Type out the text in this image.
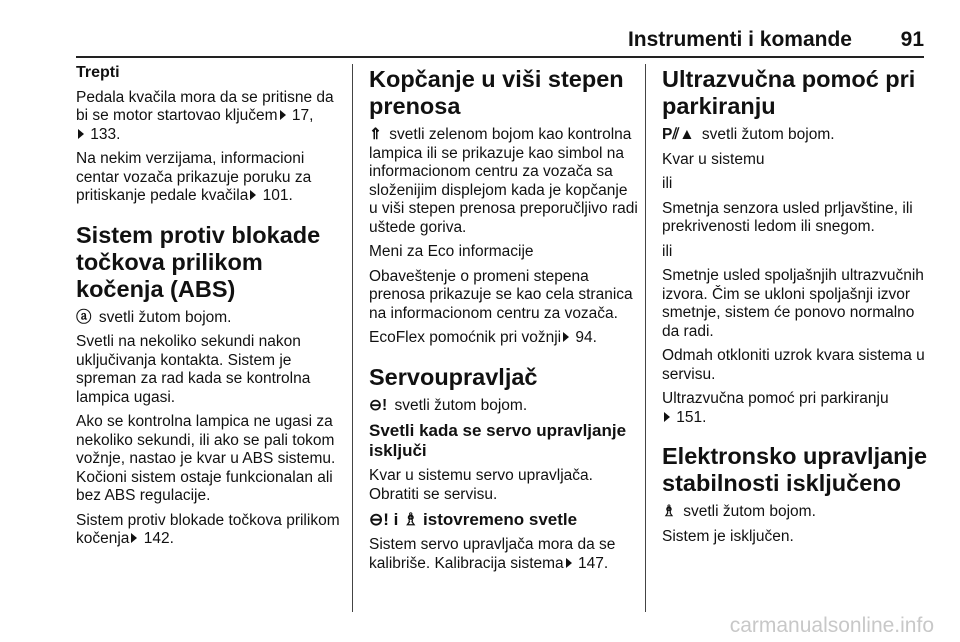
Instrumenti i komande 91
Trepti

Pedala kvačila mora da se pritisne da bi se motor startovao ključem 17,
133.

Na nekim verzijama, informacioni centar vozača prikazuje poruku za pritiskanje pedale kvačila 101.

Sistem protiv blokade točkova prilikom kočenja (ABS)

ⓐ svetli žutom bojom.

Svetli na nekoliko sekundi nakon uključivanja kontakta. Sistem je spreman za rad kada se kontrolna lampica ugasi.

Ako se kontrolna lampica ne ugasi za nekoliko sekundi, ili ako se pali tokom vožnje, nastao je kvar u ABS sistemu. Kočioni sistem ostaje funkcionalan ali bez ABS regulacije.

Sistem protiv blokade točkova prilikom kočenja 142.

Kopčanje u viši stepen prenosa

⇑ svetli zelenom bojom kao kontrolna lampica ili se prikazuje kao simbol na informacionom centru za vozača sa složenijim displejom kada je kopčanje u viši stepen prenosa preporučljivo radi uštede goriva.

Meni za Eco informacije

Obaveštenje o promeni stepena prenosa prikazuje se kao cela stranica na informacionom centru za vozača.

EcoFlex pomoćnik pri vožnji 94.

Servoupravljač

⊖! svetli žutom bojom.

Svetli kada se servo upravljanje isključi

Kvar u sistemu servo upravljača. Obratiti se servisu.

⊖! i ♗ istovremeno svetle

Sistem servo upravljača mora da se kalibriše. Kalibracija sistema 147.

Ultrazvučna pomoć pri parkiranju

P⫽▲ svetli žutom bojom.

Kvar u sistemu

ili

Smetnja senzora usled prljavštine, ili prekrivenosti ledom ili snegom.

ili

Smetnje usled spoljašnjih ultrazvučnih izvora. Čim se ukloni spoljašnji izvor smetnje, sistem će ponovo normalno da radi.

Odmah otkloniti uzrok kvara sistema u servisu.

Ultrazvučna pomoć pri parkiranju
151.

Elektronsko upravljanje stabilnosti isključeno

♗ svetli žutom bojom.

Sistem je isključen.

carmanualsonline.info
